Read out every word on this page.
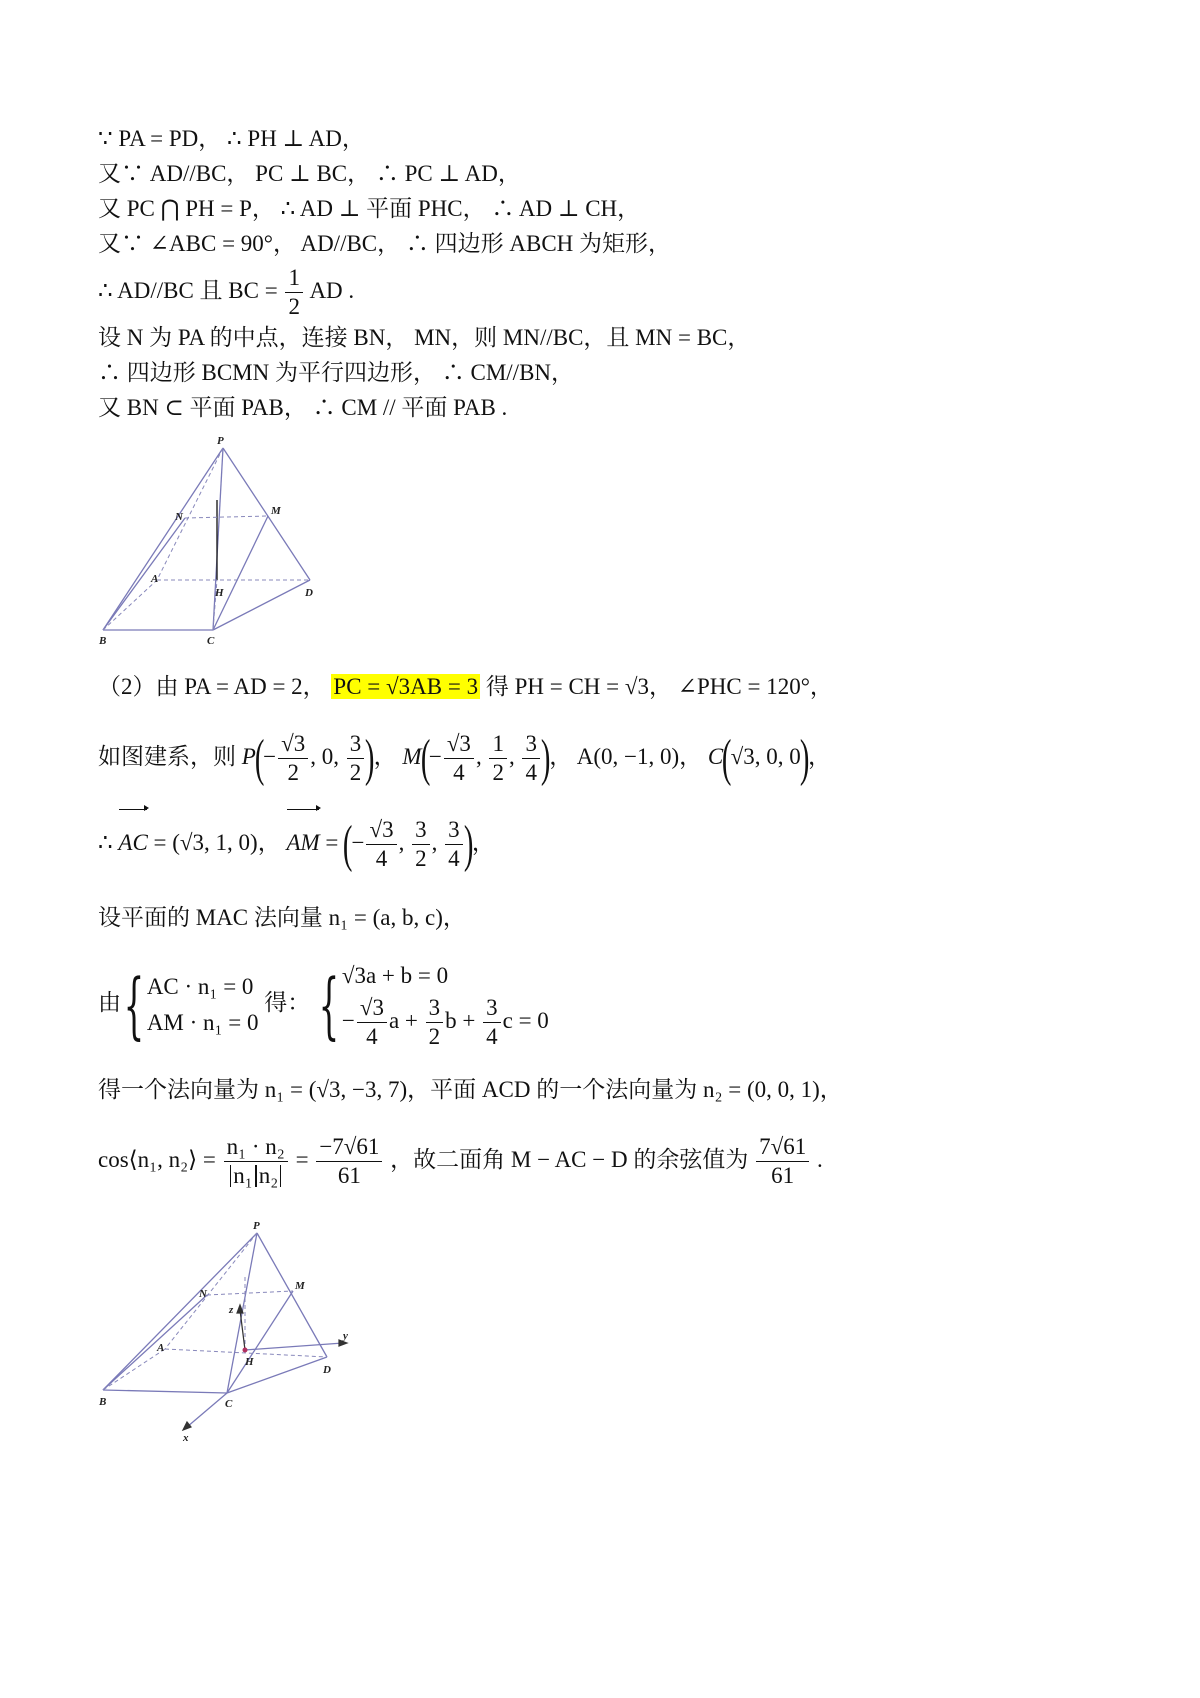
∵ PA = PD， ∴ PH ⊥ AD，
又∵ AD//BC， PC ⊥ BC， ∴ PC ⊥ AD，
又 PC ⋂ PH = P， ∴ AD ⊥ 平面 PHC， ∴ AD ⊥ CH，
又∵ ∠ABC = 90°， AD//BC， ∴ 四边形 ABCH 为矩形，
∴ AD//BC 且 BC = $\frac{1}{2}$ AD .
设 N 为 PA 的中点，连接 BN， MN，则 MN//BC，且 MN = BC，
∴ 四边形 BCMN 为平行四边形， ∴ CM//BN，
又 BN ⊂ 平面 PAB， ∴ CM // 平面 PAB .
P
N	M
A
H	D
B	C
（2）由 PA = AD = 2， PC = √3AB = 3 得 PH = CH = √3， ∠PHC = 120°，
如图建系，则 $P(- \frac{√3}{2}$ , 0, $\frac{3}{2}$ )， $M(- \frac{√3}{4}$ , $\frac{1}{2}$ , $\frac{3}{4}$ )， A(0, −1, 0)， C(√3, 0, 0)，
∴ AC = (√3, 1, 0)， AM = (− $\frac{√3}{4}$ , $\frac{3}{2}$ , $\frac{3}{4}$ )，
设平面的 MAC 法向量 n₁ = (a, b, c)，
由{ AC · n₁ = 0
AM · n₁ = 0 得： { √3a + b = 0
− $\frac{√3}{4}$ $a + \frac{3}{2}$ $b + \frac{3}{4}$ c = 0
得一个法向量为 n₁ = (√3, −3, 7)，平面 ACD 的一个法向量为 n₂ = (0, 0, 1)，
cos⟨n₁, n₂⟩ = $\frac{\text{n₁ · n₂}}{\text{n₁ n₂}} = \frac{-7√61}{61}$ ，故二面角 M − AC − D 的余弦值为 $\frac{7√61}{61}$ .
P
N
M
A
H
D
B	C
z
y
x
